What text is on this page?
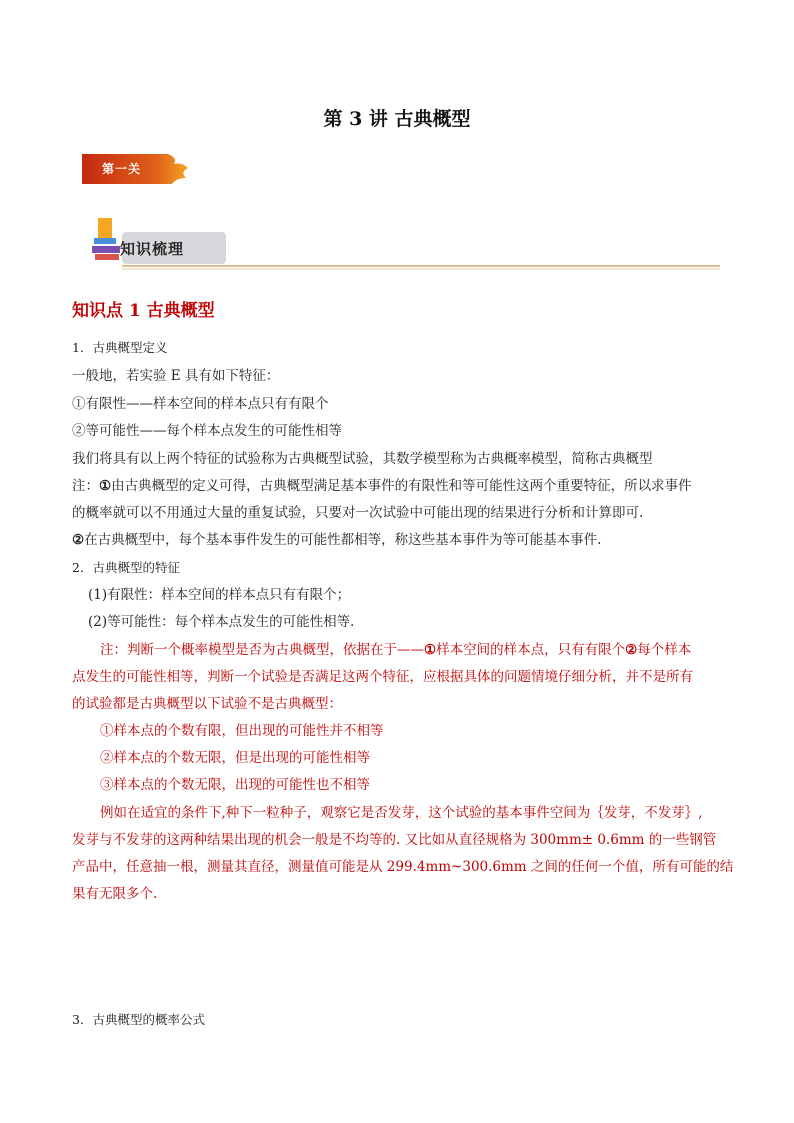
第 3 讲 古典概型
第一关
知识梳理
知识点 1 古典概型
1．古典概型定义
一般地，若实验 E 具有如下特征：
①有限性——样本空间的样本点只有有限个
②等可能性——每个样本点发生的可能性相等
我们将具有以上两个特征的试验称为古典概型试验，其数学模型称为古典概率模型，简称古典概型
注：①由古典概型的定义可得，古典概型满足基本事件的有限性和等可能性这两个重要特征，所以求事件
的概率就可以不用通过大量的重复试验，只要对一次试验中可能出现的结果进行分析和计算即可.
②在古典概型中，每个基本事件发生的可能性都相等，称这些基本事件为等可能基本事件.
2．古典概型的特征
(1)有限性：样本空间的样本点只有有限个；
(2)等可能性：每个样本点发生的可能性相等．
注：判断一个概率模型是否为古典概型，依据在于——①样本空间的样本点，只有有限个②每个样本
点发生的可能性相等，判断一个试验是否满足这两个特征，应根据具体的问题情境仔细分析，并不是所有
的试验都是古典概型以下试验不是古典概型：
①样本点的个数有限，但出现的可能性并不相等
②样本点的个数无限，但是出现的可能性相等
③样本点的个数无限，出现的可能性也不相等
例如在适宜的条件下,种下一粒种子，观察它是否发芽，这个试验的基本事件空间为｛发芽，不发芽｝,
发芽与不发芽的这两种结果出现的机会一般是不均等的. 又比如从直径规格为 300mm± 0.6mm 的一些钢管
产品中，任意抽一根，测量其直径，测量值可能是从 299.4mm~300.6mm 之间的任何一个值，所有可能的结
果有无限多个.
3．古典概型的概率公式
